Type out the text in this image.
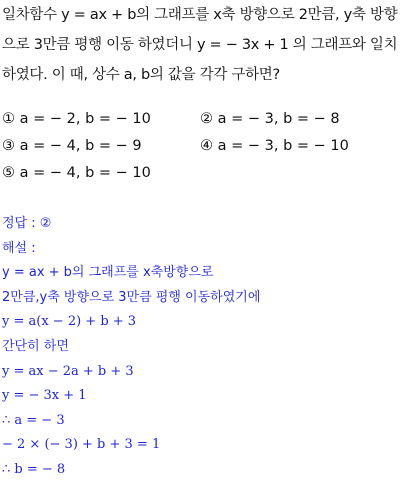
일차함수 y = ax + b의 그래프를 x축 방향으로 2만큼, y축 방향
으로 3만큼 평행 이동 하였더니 y = − 3x + 1 의 그래프와 일치
하였다. 이 때, 상수 a, b의 값을 각각 구하면?
① a = − 2, b = − 10	② a = − 3, b = − 8
③ a = − 4, b = − 9	④ a = − 3, b = − 10
⑤ a = − 4, b = − 10
정답 : ②
해설 :
y = ax + b의 그래프를 x축방향으로
2만큼,y축 방향으로 3만큼 평행 이동하였기에
y = a(x − 2) + b + 3
간단히 하면
y = ax − 2a + b + 3
y = − 3x + 1
∴ a = − 3
− 2 × (− 3) + b + 3 = 1
∴ b = − 8
